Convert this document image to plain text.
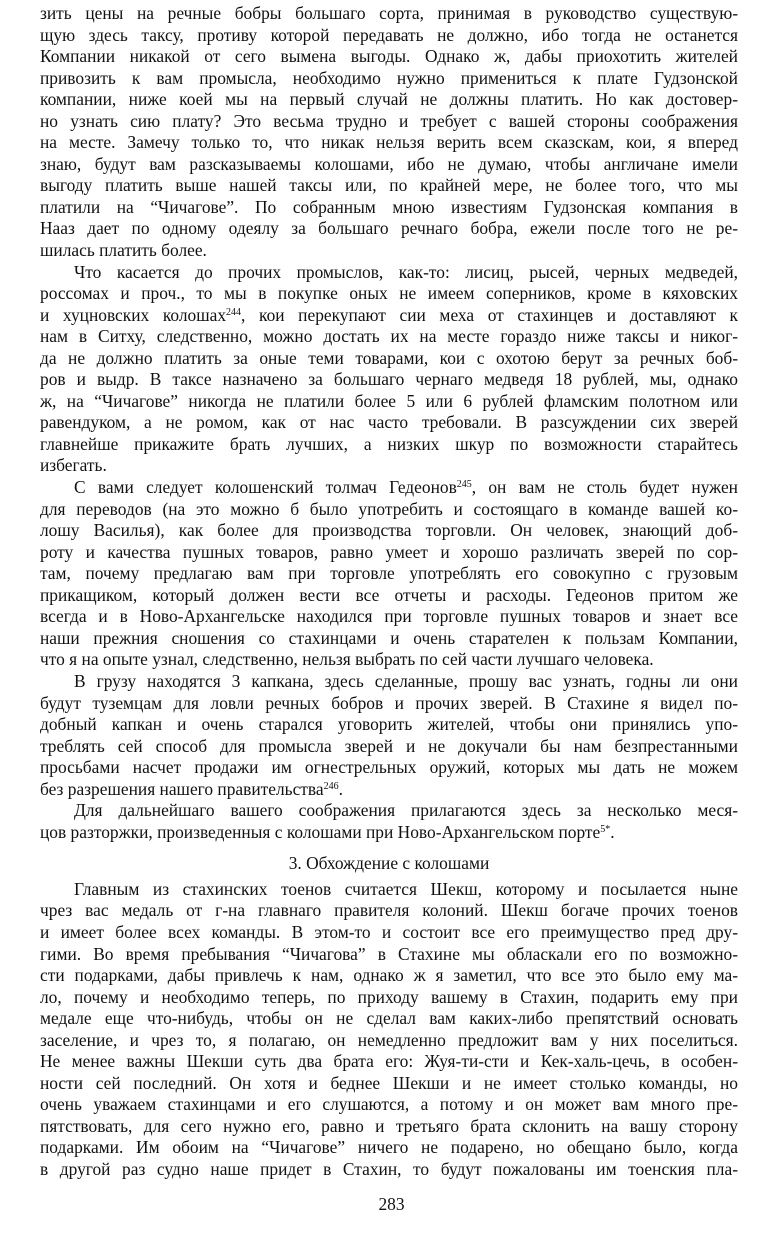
зить цены на речные бобры большаго сорта, принимая в руководство существую-
щую здесь таксу, противу которой передавать не должно, ибо тогда не останется
Компании никакой от сего вымена выгоды. Однако ж, дабы приохотить жителей
привозить к вам промысла, необходимо нужно примениться к плате Гудзонской
компании, ниже коей мы на первый случай не должны платить. Но как достовер-
но узнать сию плату? Это весьма трудно и требует с вашей стороны соображения
на месте. Замечу только то, что никак нельзя верить всем сказскам, кои, я вперед
знаю, будут вам разсказываемы колошами, ибо не думаю, чтобы англичане имели
выгоду платить выше нашей таксы или, по крайней мере, не более того, что мы
платили на “Чичагове”. По собранным мною известиям Гудзонская компания в
Нааз дает по одному одеялу за большаго речнаго бобра, ежели после того не ре-
шилась платить более.
Что касается до прочих промыслов, как-то: лисиц, рысей, черных медведей,
россомах и проч., то мы в покупке оных не имеем соперников, кроме в кяховских
и хуцновских колошах$^{244}$, кои перекупают сии меха от стахинцев и доставляют к
нам в Ситху, следственно, можно достать их на месте гораздо ниже таксы и никог-
да не должно платить за оные теми товарами, кои с охотою берут за речных боб-
ров и выдр. В таксе назначено за большаго чернаго медведя 18 рублей, мы, однако
ж, на “Чичагове” никогда не платили более 5 или 6 рублей фламским полотном или
равендуком, а не ромом, как от нас часто требовали. В разсуждении сих зверей
главнейше прикажите брать лучших, а низких шкур по возможности старайтесь
избегать.
С вами следует колошенский толмач Гедеонов$^{245}$, он вам не столь будет нужен
для переводов (на это можно б было употребить и состоящаго в команде вашей ко-
лошу Василья), как более для производства торговли. Он человек, знающий доб-
роту и качества пушных товаров, равно умеет и хорошо различать зверей по сор-
там, почему предлагаю вам при торговле употреблять его совокупно с грузовым
прикащиком, который должен вести все отчеты и расходы. Гедеонов притом же
всегда и в Ново-Архангельске находился при торговле пушных товаров и знает все
наши прежния сношения со стахинцами и очень старателен к пользам Компании,
что я на опыте узнал, следственно, нельзя выбрать по сей части лучшаго человека.
В грузу находятся 3 капкана, здесь сделанные, прошу вас узнать, годны ли они
будут туземцам для ловли речных бобров и прочих зверей. В Стахине я видел по-
добный капкан и очень старался уговорить жителей, чтобы они принялись упо-
треблять сей способ для промысла зверей и не докучали бы нам безпрестанными
просьбами насчет продажи им огнестрельных оружий, которых мы дать не можем
без разрешения нашего правительства$^{246}$.
Для дальнейшаго вашего соображения прилагаются здесь за несколько меся-
цов разторжки, произведенныя с колошами при Ново-Архангельском порте$^{5*}$.
3. Обхождение с колошами
Главным из стахинских тоенов считается Шекш, которому и посылается ныне
чрез вас медаль от г-на главнаго правителя колоний. Шекш богаче прочих тоенов
и имеет более всех команды. В этом-то и состоит все его преимущество пред дру-
гими. Во время пребывания “Чичагова” в Стахине мы обласкали его по возможно-
сти подарками, дабы привлечь к нам, однако ж я заметил, что все это было ему ма-
ло, почему и необходимо теперь, по приходу вашему в Стахин, подарить ему при
медале еще что-нибудь, чтобы он не сделал вам каких-либо препятствий основать
заселение, и чрез то, я полагаю, он немедленно предложит вам у них поселиться.
Не менее важны Шекши суть два брата его: Жуя-ти-сти и Кек-халь-цечь, в особен-
ности сей последний. Он хотя и беднее Шекши и не имеет столько команды, но
очень уважаем стахинцами и его слушаются, а потому и он может вам много пре-
пятствовать, для сего нужно его, равно и третьяго брата склонить на вашу сторону
подарками. Им обоим на “Чичагове” ничего не подарено, но обещано было, когда
в другой раз судно наше придет в Стахин, то будут пожалованы им тоенския пла-
283
